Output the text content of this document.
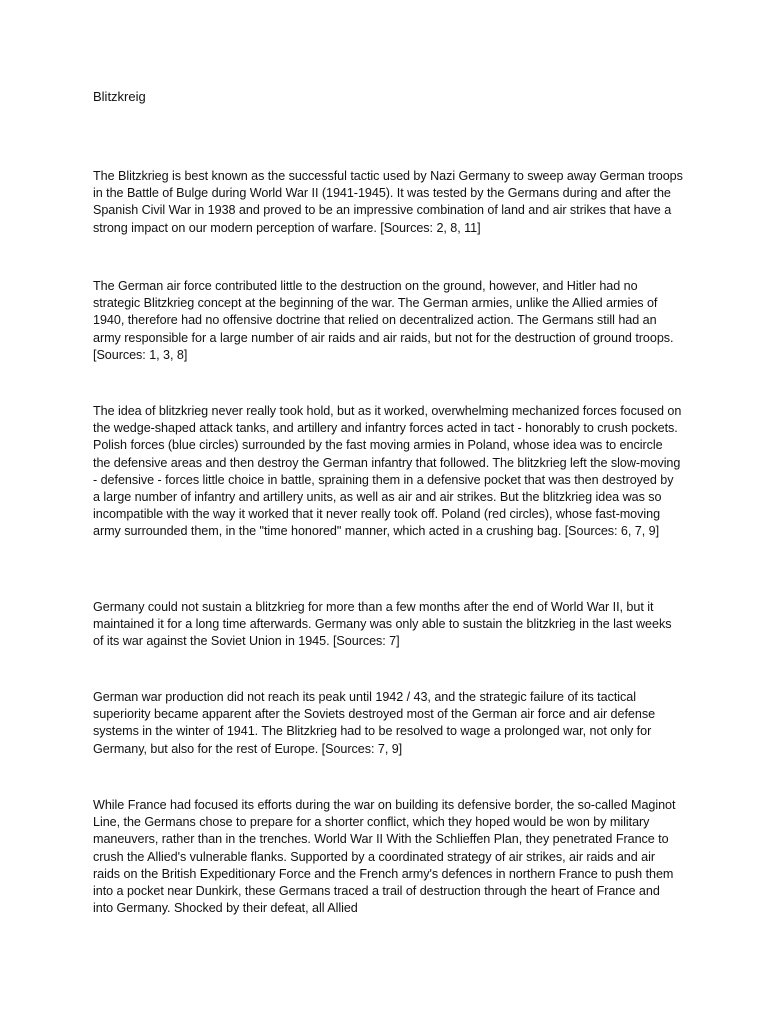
Blitzkreig

The Blitzkrieg is best known as the successful tactic used by Nazi Germany to sweep away German troops in the Battle of Bulge during World War II (1941-1945). It was tested by the Germans during and after the Spanish Civil War in 1938 and proved to be an impressive combination of land and air strikes that have a strong impact on our modern perception of warfare. [Sources: 2, 8, 11]

The German air force contributed little to the destruction on the ground, however, and Hitler had no strategic Blitzkrieg concept at the beginning of the war. The German armies, unlike the Allied armies of 1940, therefore had no offensive doctrine that relied on decentralized action. The Germans still had an army responsible for a large number of air raids and air raids, but not for the destruction of ground troops. [Sources: 1, 3, 8]

The idea of blitzkrieg never really took hold, but as it worked, overwhelming mechanized forces focused on the wedge-shaped attack tanks, and artillery and infantry forces acted in tact - honorably to crush pockets. Polish forces (blue circles) surrounded by the fast moving armies in Poland, whose idea was to encircle the defensive areas and then destroy the German infantry that followed. The blitzkrieg left the slow-moving - defensive - forces little choice in battle, spraining them in a defensive pocket that was then destroyed by a large number of infantry and artillery units, as well as air and air strikes. But the blitzkrieg idea was so incompatible with the way it worked that it never really took off. Poland (red circles), whose fast-moving army surrounded them, in the "time honored" manner, which acted in a crushing bag. [Sources: 6, 7, 9]

Germany could not sustain a blitzkrieg for more than a few months after the end of World War II, but it maintained it for a long time afterwards. Germany was only able to sustain the blitzkrieg in the last weeks of its war against the Soviet Union in 1945. [Sources: 7]

German war production did not reach its peak until 1942 / 43, and the strategic failure of its tactical superiority became apparent after the Soviets destroyed most of the German air force and air defense systems in the winter of 1941. The Blitzkrieg had to be resolved to wage a prolonged war, not only for Germany, but also for the rest of Europe. [Sources: 7, 9]

While France had focused its efforts during the war on building its defensive border, the so-called Maginot Line, the Germans chose to prepare for a shorter conflict, which they hoped would be won by military maneuvers, rather than in the trenches. World War II With the Schlieffen Plan, they penetrated France to crush the Allied's vulnerable flanks. Supported by a coordinated strategy of air strikes, air raids and air raids on the British Expeditionary Force and the French army's defences in northern France to push them into a pocket near Dunkirk, these Germans traced a trail of destruction through the heart of France and into Germany. Shocked by their defeat, all Allied
